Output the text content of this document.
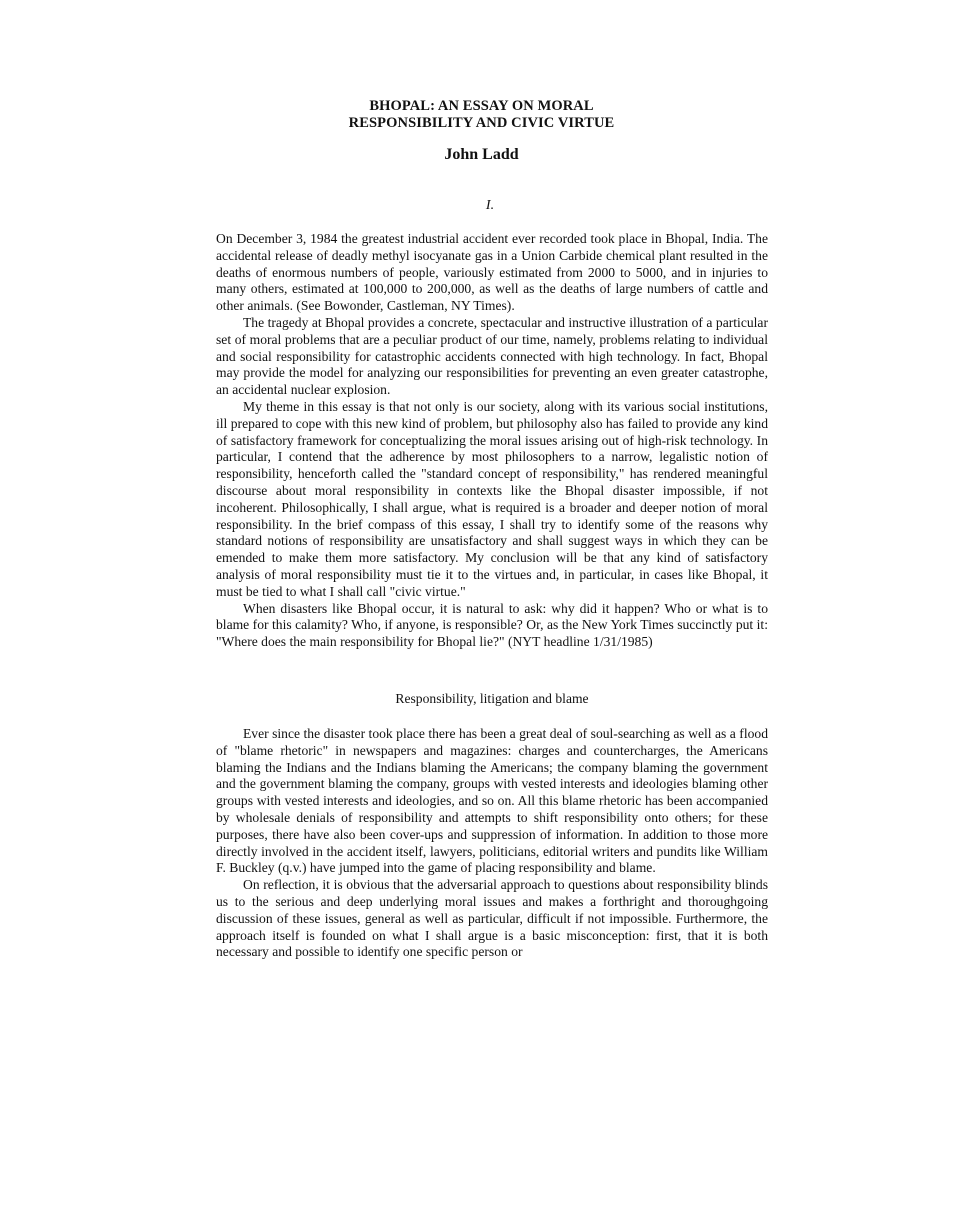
BHOPAL: AN ESSAY ON MORAL
RESPONSIBILITY AND CIVIC VIRTUE
John Ladd
I.

On December 3, 1984 the greatest industrial accident ever recorded took place in Bhopal, India. The accidental release of deadly methyl isocyanate gas in a Union Carbide chemical plant resulted in the deaths of enormous numbers of people, variously estimated from 2000 to 5000, and in injuries to many others, estimated at 100,000 to 200,000, as well as the deaths of large numbers of cattle and other animals. (See Bowonder, Castleman, NY Times).

The tragedy at Bhopal provides a concrete, spectacular and instructive illustration of a particular set of moral problems that are a peculiar product of our time, namely, problems relating to individual and social responsibility for catastrophic accidents connected with high technology. In fact, Bhopal may provide the model for analyzing our responsibilities for preventing an even greater catastrophe, an accidental nuclear explosion.

My theme in this essay is that not only is our society, along with its various social institutions, ill prepared to cope with this new kind of problem, but philosophy also has failed to provide any kind of satisfactory framework for conceptualizing the moral issues arising out of high-risk technology. In particular, I contend that the adherence by most philosophers to a narrow, legalistic notion of responsibility, henceforth called the "standard concept of responsibility," has rendered meaningful discourse about moral responsibility in contexts like the Bhopal disaster impossible, if not incoherent. Philosophically, I shall argue, what is required is a broader and deeper notion of moral responsibility. In the brief compass of this essay, I shall try to identify some of the reasons why standard notions of responsibility are unsatisfactory and shall suggest ways in which they can be emended to make them more satisfactory. My conclusion will be that any kind of satisfactory analysis of moral responsibility must tie it to the virtues and, in particular, in cases like Bhopal, it must be tied to what I shall call "civic virtue."

When disasters like Bhopal occur, it is natural to ask: why did it happen? Who or what is to blame for this calamity? Who, if anyone, is responsible? Or, as the New York Times succinctly put it: "Where does the main responsibility for Bhopal lie?" (NYT headline 1/31/1985)

Responsibility, litigation and blame

Ever since the disaster took place there has been a great deal of soul-searching as well as a flood of "blame rhetoric" in newspapers and magazines: charges and countercharges, the Americans blaming the Indians and the Indians blaming the Americans; the company blaming the government and the government blaming the company, groups with vested interests and ideologies blaming other groups with vested interests and ideologies, and so on. All this blame rhetoric has been accompanied by wholesale denials of responsibility and attempts to shift responsibility onto others; for these purposes, there have also been cover-ups and suppression of information. In addition to those more directly involved in the accident itself, lawyers, politicians, editorial writers and pundits like William F. Buckley (q.v.) have jumped into the game of placing responsibility and blame.

On reflection, it is obvious that the adversarial approach to questions about responsibility blinds us to the serious and deep underlying moral issues and makes a forthright and thoroughgoing discussion of these issues, general as well as particular, difficult if not impossible. Furthermore, the approach itself is founded on what I shall argue is a basic misconception: first, that it is both necessary and possible to identify one specific person or
